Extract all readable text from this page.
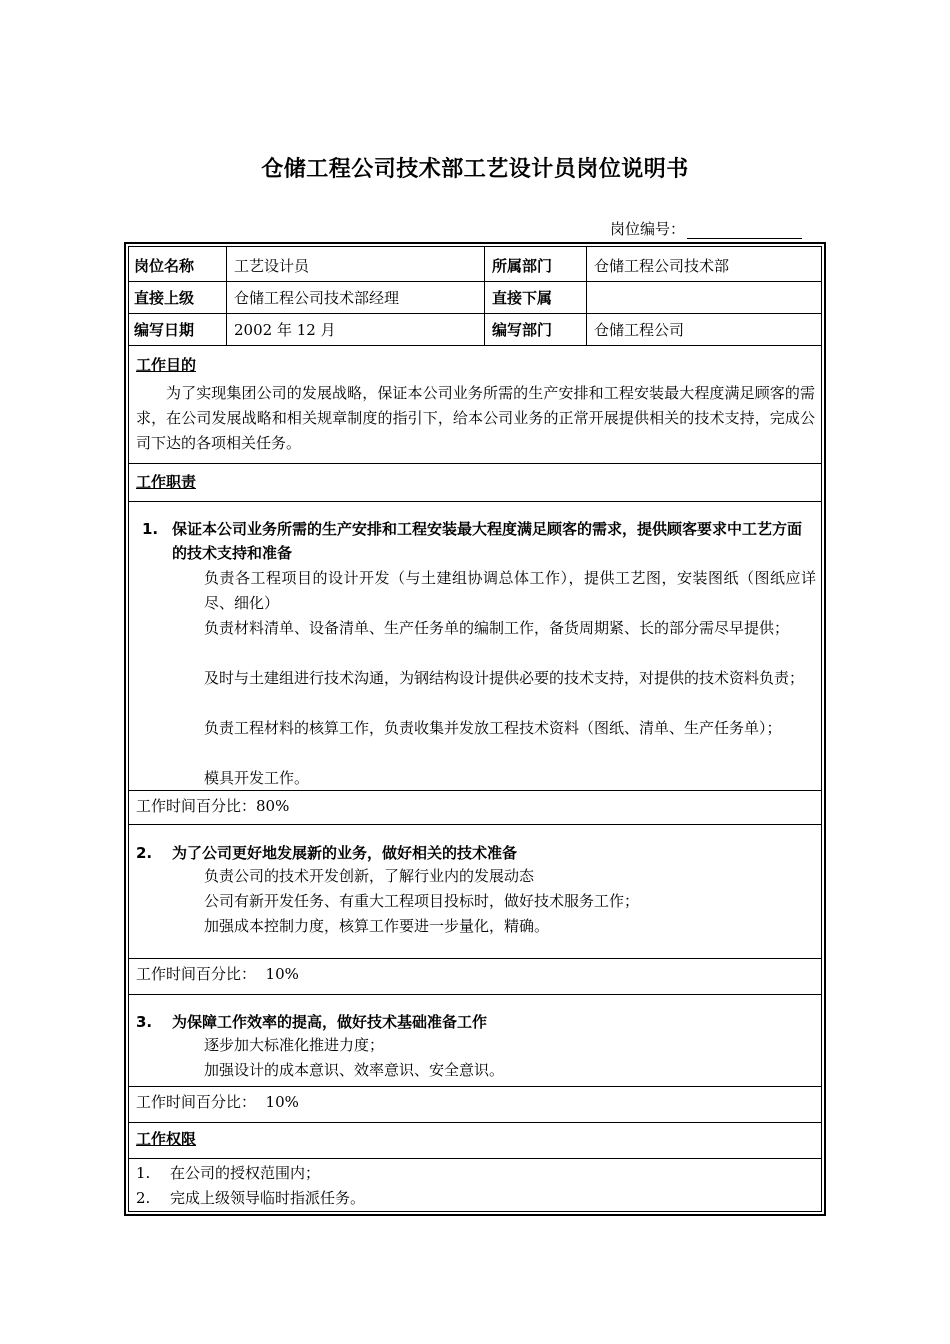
仓储工程公司技术部工艺设计员岗位说明书
岗位编号：
岗位名称	工艺设计员	所属部门	仓储工程公司技术部
直接上级	仓储工程公司技术部经理	直接下属
编写日期	2002 年 12 月	编写部门	仓储工程公司
工作目的
为了实现集团公司的发展战略，保证本公司业务所需的生产安排和工程安装最大程度满足顾客的需求，在公司发展战略和相关规章制度的指引下，给本公司业务的正常开展提供相关的技术支持，完成公司下达的各项相关任务。
工作职责
1. 保证本公司业务所需的生产安排和工程安装最大程度满足顾客的需求，提供顾客要求中工艺方面的技术支持和准备
负责各工程项目的设计开发（与土建组协调总体工作），提供工艺图，安装图纸（图纸应详尽、细化）
负责材料清单、设备清单、生产任务单的编制工作，备货周期紧、长的部分需尽早提供；
及时与土建组进行技术沟通，为钢结构设计提供必要的技术支持，对提供的技术资料负责；
负责工程材料的核算工作，负责收集并发放工程技术资料（图纸、清单、生产任务单）；
模具开发工作。
工作时间百分比：80%
2. 为了公司更好地发展新的业务，做好相关的技术准备
负责公司的技术开发创新，了解行业内的发展动态
公司有新开发任务、有重大工程项目投标时，做好技术服务工作；
加强成本控制力度，核算工作要进一步量化，精确。
工作时间百分比：  10%
3. 为保障工作效率的提高，做好技术基础准备工作
逐步加大标准化推进力度；
加强设计的成本意识、效率意识、安全意识。
工作时间百分比：  10%
工作权限
1. 在公司的授权范围内；
2. 完成上级领导临时指派任务。
